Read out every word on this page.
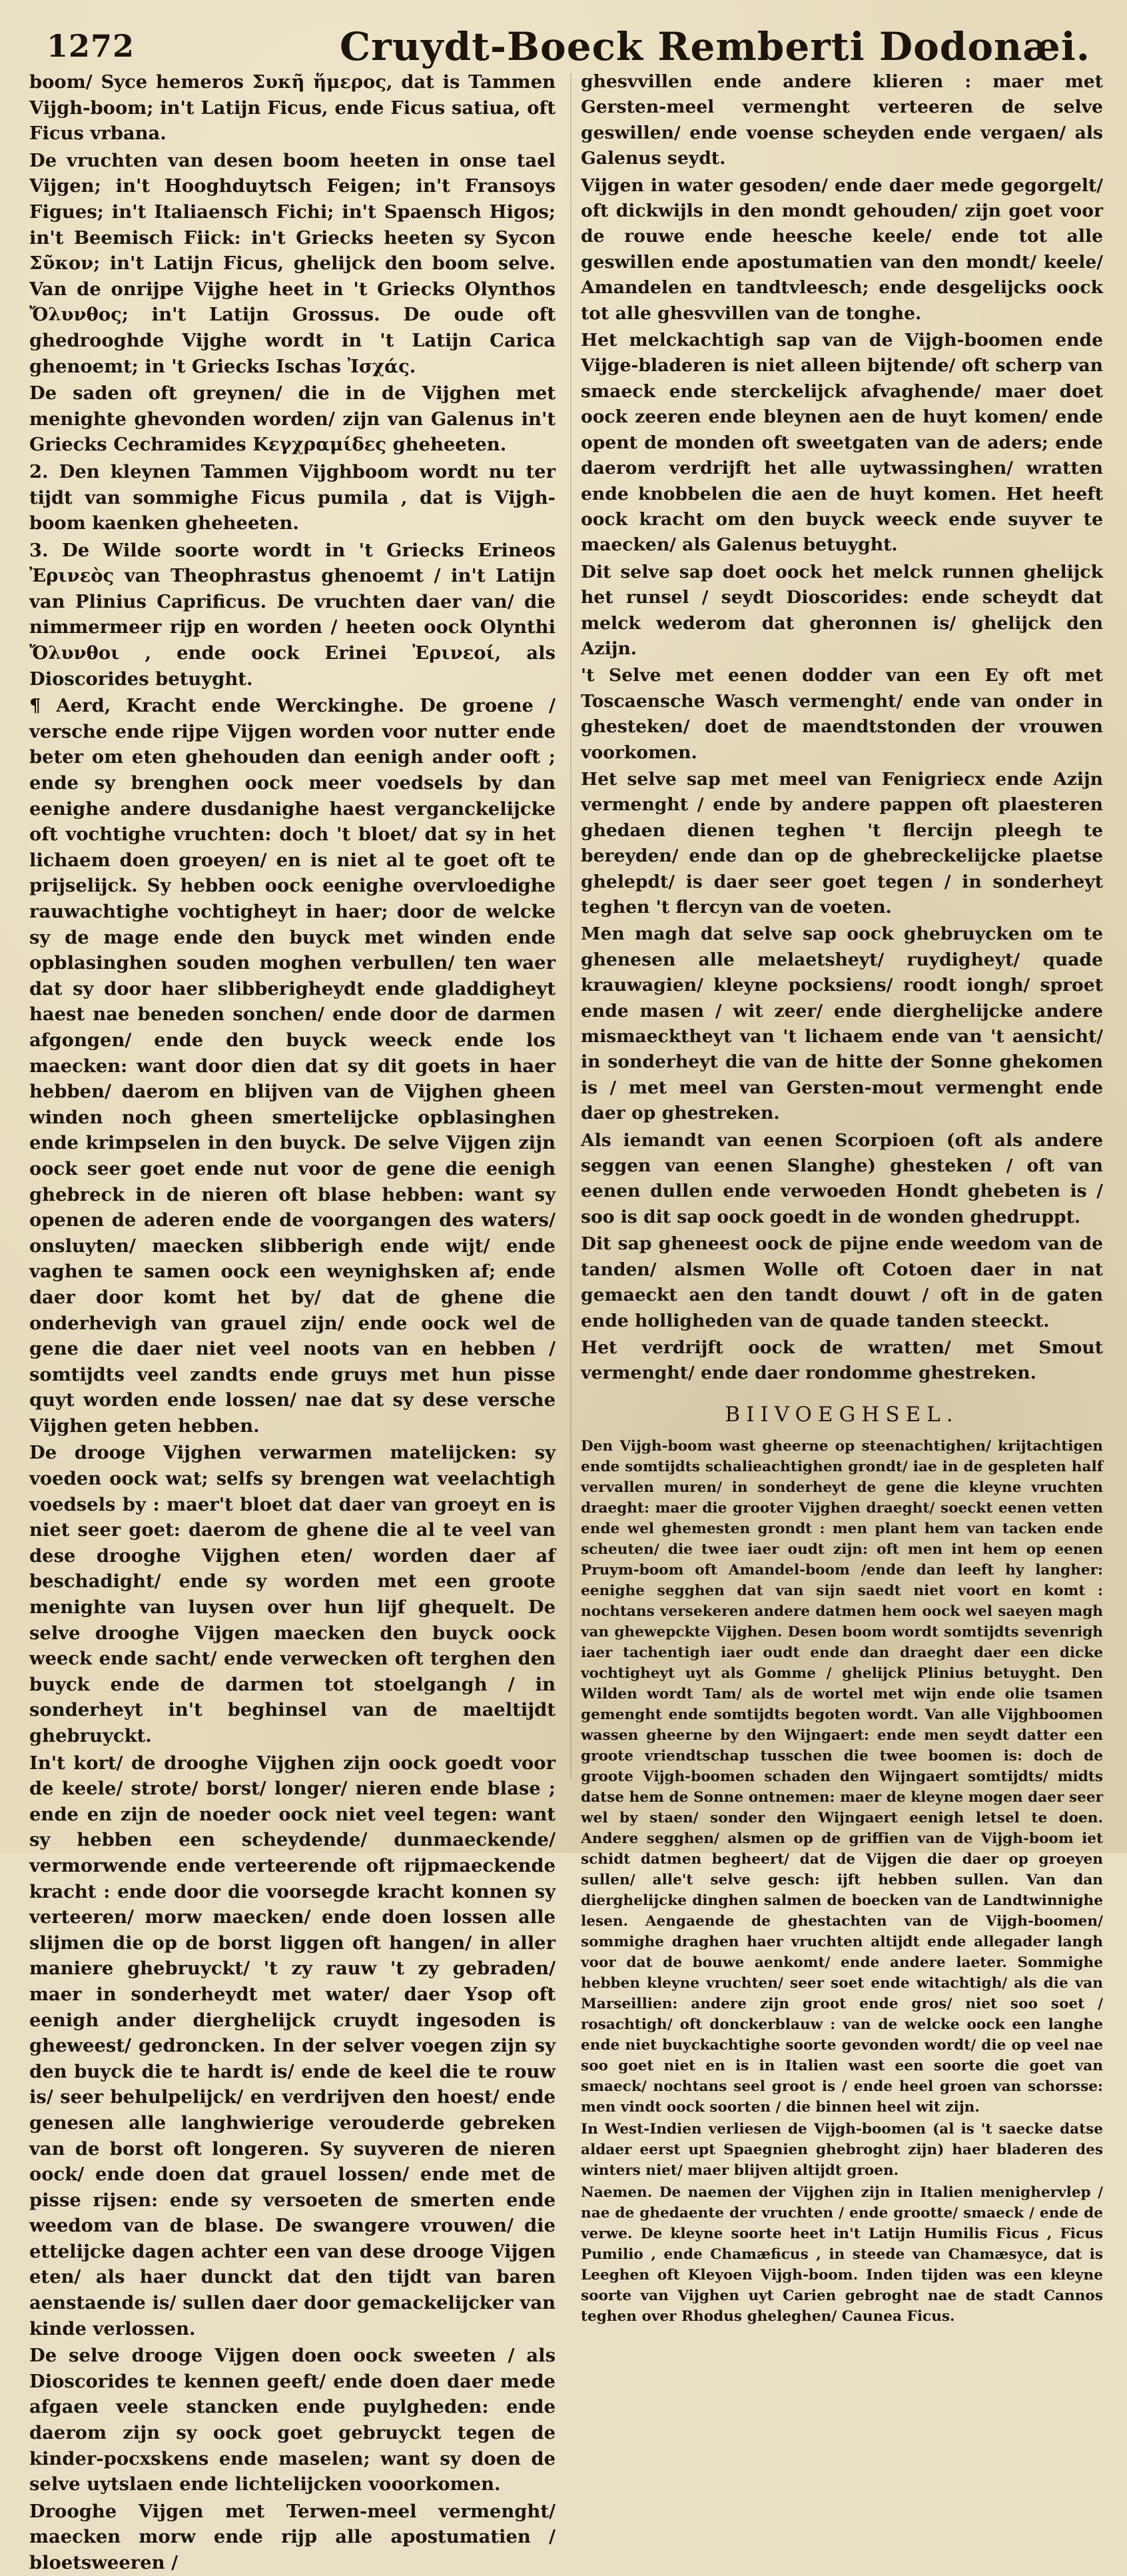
1272	Cruydt-Boeck Remberti Dodonæi.

boom/ Syce hemeros Συκῆ ἥμερος, dat is Tammen Vijgh-boom; in't Latijn Ficus, ende Ficus satiua, oft Ficus vrbana.

De vruchten van desen boom heeten in onse tael Vijgen; in't Hooghduytsch Feigen; in't Fransoys Figues; in't Italiaensch Fichi; in't Spaensch Higos; in't Beemisch Fiick: in't Griecks heeten sy Sycon Σῦκον; in't Latijn Ficus, ghelijck den boom selve. Van de onrijpe Vijghe heet in 't Griecks Olynthos Ὄλυνθος; in't Latijn Grossus. De oude oft ghedrooghde Vijghe wordt in 't Latijn Carica ghenoemt; in 't Griecks Ischas Ἰσχάς.

De saden oft greynen/ die in de Vijghen met menighte ghevonden worden/ zijn van Galenus in't Griecks Cechramides Κεγχραμίδες gheheeten.

2. Den kleynen Tammen Vijghboom wordt nu ter tijdt van sommighe Ficus pumila , dat is Vijgh-boom kaenken gheheeten.

3. De Wilde soorte wordt in 't Griecks Erineos Ἐρινεὸς van Theophrastus ghenoemt / in't Latijn van Plinius Caprificus. De vruchten daer van/ die nimmermeer rijp en worden / heeten oock Olynthi Ὄλυνθοι , ende oock Erinei Ἐρινεοί, als Dioscorides betuyght.

¶ Aerd, Kracht ende Werckinghe. De groene / versche ende rijpe Vijgen worden voor nutter ende beter om eten ghehouden dan eenigh ander ooft ; ende sy brenghen oock meer voedsels by dan eenighe andere dusdanighe haest verganckelijcke oft vochtighe vruchten: doch 't bloet/ dat sy in het lichaem doen groeyen/ en is niet al te goet oft te prijselijck. Sy hebben oock eenighe overvloedighe rauwachtighe vochtigheyt in haer; door de welcke sy de mage ende den buyck met winden ende opblasinghen souden moghen verbullen/ ten waer dat sy door haer slibberigheydt ende gladdigheyt haest nae beneden sonchen/ ende door de darmen afgongen/ ende den buyck weeck ende los maecken: want door dien dat sy dit goets in haer hebben/ daerom en blijven van de Vijghen gheen winden noch gheen smertelijcke opblasinghen ende krimpselen in den buyck. De selve Vijgen zijn oock seer goet ende nut voor de gene die eenigh ghebreck in de nieren oft blase hebben: want sy openen de aderen ende de voorgangen des waters/ onsluyten/ maecken slibberigh ende wijt/ ende vaghen te samen oock een weynighsken af; ende daer door komt het by/ dat de ghene die onderhevigh van grauel zijn/ ende oock wel de gene die daer niet veel noots van en hebben / somtijdts veel zandts ende gruys met hun pisse quyt worden ende lossen/ nae dat sy dese versche Vijghen geten hebben.

De drooge Vijghen verwarmen matelijcken: sy voeden oock wat; selfs sy brengen wat veelachtigh voedsels by : maer't bloet dat daer van groeyt en is niet seer goet: daerom de ghene die al te veel van dese drooghe Vijghen eten/ worden daer af beschadight/ ende sy worden met een groote menighte van luysen over hun lijf ghequelt. De selve drooghe Vijgen maecken den buyck oock weeck ende sacht/ ende verwecken oft terghen den buyck ende de darmen tot stoelgangh / in sonderheyt in't beghinsel van de maeltijdt ghebruyckt.

In't kort/ de drooghe Vijghen zijn oock goedt voor de keele/ strote/ borst/ longer/ nieren ende blase ; ende en zijn de noeder oock niet veel tegen: want sy hebben een scheydende/ dunmaeckende/ vermorwende ende verteerende oft rijpmaeckende kracht : ende door die voorsegde kracht konnen sy verteeren/ morw maecken/ ende doen lossen alle slijmen die op de borst liggen oft hangen/ in aller maniere ghebruyckt/ 't zy rauw 't zy gebraden/ maer in sonderheydt met water/ daer Ysop oft eenigh ander dierghelijck cruydt ingesoden is gheweest/ gedroncken. In der selver voegen zijn sy den buyck die te hardt is/ ende de keel die te rouw is/ seer behulpelijck/ en verdrijven den hoest/ ende genesen alle langhwierige verouderde gebreken van de borst oft longeren. Sy suyveren de nieren oock/ ende doen dat grauel lossen/ ende met de pisse rijsen: ende sy versoeten de smerten ende weedom van de blase. De swangere vrouwen/ die ettelijcke dagen achter een van dese drooge Vijgen eten/ als haer dunckt dat den tijdt van baren aenstaende is/ sullen daer door gemackelijcker van kinde verlossen.

De selve drooge Vijgen doen oock sweeten / als Dioscorides te kennen geeft/ ende doen daer mede afgaen veele stancken ende puylgheden: ende daerom zijn sy oock goet gebruyckt tegen de kinder-pocxskens ende maselen; want sy doen de selve uytslaen ende lichtelijcken vooorkomen.

Drooghe Vijgen met Terwen-meel vermenght/ maecken morw ende rijp alle apostumatien / bloetsweeren /

ghesvvillen ende andere klieren : maer met Gersten-meel vermenght verteeren de selve geswillen/ ende voense scheyden ende vergaen/ als Galenus seydt.

Vijgen in water gesoden/ ende daer mede gegorgelt/ oft dickwijls in den mondt gehouden/ zijn goet voor de rouwe ende heesche keele/ ende tot alle geswillen ende apostumatien van den mondt/ keele/ Amandelen en tandtvleesch; ende desgelijcks oock tot alle ghesvvillen van de tonghe.

Het melckachtigh sap van de Vijgh-boomen ende Vijge-bladeren is niet alleen bijtende/ oft scherp van smaeck ende sterckelijck afvaghende/ maer doet oock zeeren ende bleynen aen de huyt komen/ ende opent de monden oft sweetgaten van de aders; ende daerom verdrijft het alle uytwassinghen/ wratten ende knobbelen die aen de huyt komen. Het heeft oock kracht om den buyck weeck ende suyver te maecken/ als Galenus betuyght.

Dit selve sap doet oock het melck runnen ghelijck het runsel / seydt Dioscorides: ende scheydt dat melck wederom dat gheronnen is/ ghelijck den Azijn.

't Selve met eenen dodder van een Ey oft met Toscaensche Wasch vermenght/ ende van onder in ghesteken/ doet de maendtstonden der vrouwen voorkomen.

Het selve sap met meel van Fenigriecx ende Azijn vermenght / ende by andere pappen oft plaesteren ghedaen dienen teghen 't flercijn pleegh te bereyden/ ende dan op de ghebreckelijcke plaetse ghelepdt/ is daer seer goet tegen / in sonderheyt teghen 't flercyn van de voeten.

Men magh dat selve sap oock ghebruycken om te ghenesen alle melaetsheyt/ ruydigheyt/ quade krauwagien/ kleyne pocksiens/ roodt iongh/ sproet ende masen / wit zeer/ ende dierghelijcke andere mismaecktheyt van 't lichaem ende van 't aensicht/ in sonderheyt die van de hitte der Sonne ghekomen is / met meel van Gersten-mout vermenght ende daer op ghestreken.

Als iemandt van eenen Scorpioen (oft als andere seggen van eenen Slanghe) ghesteken / oft van eenen dullen ende verwoeden Hondt ghebeten is / soo is dit sap oock goedt in de wonden ghedruppt.

Dit sap gheneest oock de pijne ende weedom van de tanden/ alsmen Wolle oft Cotoen daer in nat gemaeckt aen den tandt douwt / oft in de gaten ende holligheden van de quade tanden steeckt.

Het verdrijft oock de wratten/ met Smout vermenght/ ende daer rondomme ghestreken.

BIIVOEGHSEL.

Den Vijgh-boom wast gheerne op steenachtighen/ krijtachtigen ende somtijdts schalieachtighen grondt/ iae in de gespleten half vervallen muren/ in sonderheyt de gene die kleyne vruchten draeght: maer die grooter Vijghen draeght/ soeckt eenen vetten ende wel ghemesten grondt : men plant hem van tacken ende scheuten/ die twee iaer oudt zijn: oft men int hem op eenen Pruym-boom oft Amandel-boom /ende dan leeft hy langher: eenighe segghen dat van sijn saedt niet voort en komt : nochtans versekeren andere datmen hem oock wel saeyen magh van ghewepckte Vijghen. Desen boom wordt somtijdts sevenrigh iaer tachentigh iaer oudt ende dan draeght daer een dicke vochtigheyt uyt als Gomme / ghelijck Plinius betuyght. Den Wilden wordt Tam/ als de wortel met wijn ende olie tsamen gemenght ende somtijdts begoten wordt. Van alle Vijghboomen wassen gheerne by den Wijngaert: ende men seydt datter een groote vriendtschap tusschen die twee boomen is: doch de groote Vijgh-boomen schaden den Wijngaert somtijdts/ midts datse hem de Sonne ontnemen: maer de kleyne mogen daer seer wel by staen/ sonder den Wijngaert eenigh letsel te doen. Andere segghen/ alsmen op de griffien van de Vijgh-boom iet schidt datmen begheert/ dat de Vijgen die daer op groeyen sullen/ alle't selve gesch: ijft hebben sullen. Van dan dierghelijcke dinghen salmen de boecken van de Landtwinnighe lesen. Aengaende de ghestachten van de Vijgh-boomen/ sommighe draghen haer vruchten altijdt ende allegader langh voor dat de bouwe aenkomt/ ende andere laeter. Sommighe hebben kleyne vruchten/ seer soet ende witachtigh/ als die van Marseillien: andere zijn groot ende gros/ niet soo soet / rosachtigh/ oft donckerblauw : van de welcke oock een langhe ende niet buyckachtighe soorte gevonden wordt/ die op veel nae soo goet niet en is in Italien wast een soorte die goet van smaeck/ nochtans seel groot is / ende heel groen van schorsse: men vindt oock soorten / die binnen heel wit zijn.

In West-Indien verliesen de Vijgh-boomen (al is 't saecke datse aldaer eerst upt Spaegnien ghebroght zijn) haer bladeren des winters niet/ maer blijven altijdt groen.

Naemen. De naemen der Vijghen zijn in Italien menighervlep / nae de ghedaente der vruchten / ende grootte/ smaeck / ende de verwe. De kleyne soorte heet in't Latijn Humilis Ficus , Ficus Pumilio , ende Chamæficus , in steede van Chamæsyce, dat is Leeghen oft Kleyoen Vijgh-boom. Inden tijden was een kleyne soorte van Vijghen uyt Carien gebroght nae de stadt Cannos teghen over Rhodus gheleghen/ Caunea Ficus.
